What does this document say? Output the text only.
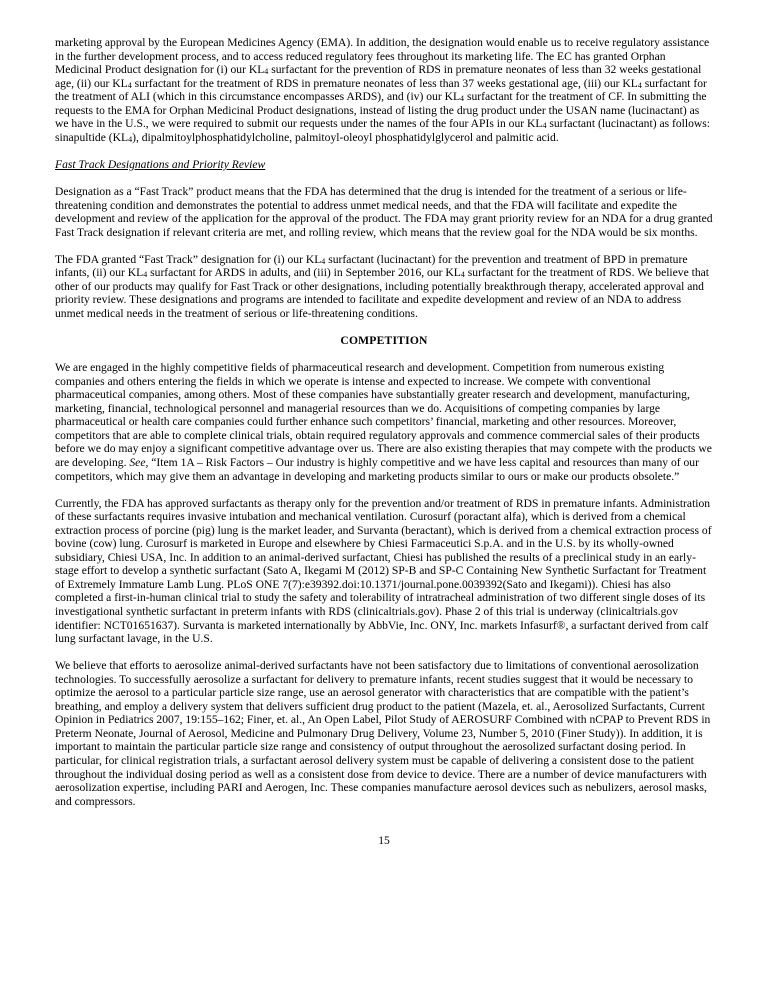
marketing approval by the European Medicines Agency (EMA). In addition, the designation would enable us to receive regulatory assistance in the further development process, and to access reduced regulatory fees throughout its marketing life. The EC has granted Orphan Medicinal Product designation for (i) our $KL_4$ surfactant for the prevention of RDS in premature neonates of less than 32 weeks gestational age, (ii) our $KL_4$ surfactant for the treatment of RDS in premature neonates of less than 37 weeks gestational age, (iii) our $KL_4$ surfactant for the treatment of ALI (which in this circumstance encompasses ARDS), and (iv) our $KL_4$ surfactant for the treatment of CF. In submitting the requests to the EMA for Orphan Medicinal Product designations, instead of listing the drug product under the USAN name (lucinactant) as we have in the U.S., we were required to submit our requests under the names of the four APIs in our $KL_4$ surfactant (lucinactant) as follows: sinapultide $(KL_4)$, dipalmitoylphosphatidylcholine, palmitoyl-oleoyl phosphatidylglycerol and palmitic acid.

Fast Track Designations and Priority Review

Designation as a “Fast Track” product means that the FDA has determined that the drug is intended for the treatment of a serious or life-threatening condition and demonstrates the potential to address unmet medical needs, and that the FDA will facilitate and expedite the development and review of the application for the approval of the product. The FDA may grant priority review for an NDA for a drug granted Fast Track designation if relevant criteria are met, and rolling review, which means that the review goal for the NDA would be six months.

The FDA granted “Fast Track” designation for (i) our $KL_4$ surfactant (lucinactant) for the prevention and treatment of BPD in premature infants, (ii) our $KL_4$ surfactant for ARDS in adults, and (iii) in September 2016, our $KL_4$ surfactant for the treatment of RDS. We believe that other of our products may qualify for Fast Track or other designations, including potentially breakthrough therapy, accelerated approval and priority review. These designations and programs are intended to facilitate and expedite development and review of an NDA to address unmet medical needs in the treatment of serious or life-threatening conditions.

COMPETITION

We are engaged in the highly competitive fields of pharmaceutical research and development. Competition from numerous existing companies and others entering the fields in which we operate is intense and expected to increase. We compete with conventional pharmaceutical companies, among others. Most of these companies have substantially greater research and development, manufacturing, marketing, financial, technological personnel and managerial resources than we do. Acquisitions of competing companies by large pharmaceutical or health care companies could further enhance such competitors’ financial, marketing and other resources. Moreover, competitors that are able to complete clinical trials, obtain required regulatory approvals and commence commercial sales of their products before we do may enjoy a significant competitive advantage over us. There are also existing therapies that may compete with the products we are developing. See, “Item 1A – Risk Factors – Our industry is highly competitive and we have less capital and resources than many of our competitors, which may give them an advantage in developing and marketing products similar to ours or make our products obsolete.”

Currently, the FDA has approved surfactants as therapy only for the prevention and/or treatment of RDS in premature infants. Administration of these surfactants requires invasive intubation and mechanical ventilation. Curosurf (poractant alfa), which is derived from a chemical extraction process of porcine (pig) lung is the market leader, and Survanta (beractant), which is derived from a chemical extraction process of bovine (cow) lung. Curosurf is marketed in Europe and elsewhere by Chiesi Farmaceutici S.p.A. and in the U.S. by its wholly-owned subsidiary, Chiesi USA, Inc. In addition to an animal-derived surfactant, Chiesi has published the results of a preclinical study in an early-stage effort to develop a synthetic surfactant (Sato A, Ikegami M (2012) SP-B and SP-C Containing New Synthetic Surfactant for Treatment of Extremely Immature Lamb Lung. PLoS ONE 7(7):e39392.doi:10.1371/journal.pone.0039392(Sato and Ikegami)). Chiesi has also completed a first-in-human clinical trial to study the safety and tolerability of intratracheal administration of two different single doses of its investigational synthetic surfactant in preterm infants with RDS (clinicaltrials.gov). Phase 2 of this trial is underway (clinicaltrials.gov identifier: NCT01651637). Survanta is marketed internationally by AbbVie, Inc. ONY, Inc. markets Infasurf®, a surfactant derived from calf lung surfactant lavage, in the U.S.

We believe that efforts to aerosolize animal-derived surfactants have not been satisfactory due to limitations of conventional aerosolization technologies. To successfully aerosolize a surfactant for delivery to premature infants, recent studies suggest that it would be necessary to optimize the aerosol to a particular particle size range, use an aerosol generator with characteristics that are compatible with the patient’s breathing, and employ a delivery system that delivers sufficient drug product to the patient (Mazela, et. al., Aerosolized Surfactants, Current Opinion in Pediatrics 2007, 19:155–162; Finer, et. al., An Open Label, Pilot Study of AEROSURF Combined with nCPAP to Prevent RDS in Preterm Neonate, Journal of Aerosol, Medicine and Pulmonary Drug Delivery, Volume 23, Number 5, 2010 (Finer Study)). In addition, it is important to maintain the particular particle size range and consistency of output throughout the aerosolized surfactant dosing period. In particular, for clinical registration trials, a surfactant aerosol delivery system must be capable of delivering a consistent dose to the patient throughout the individual dosing period as well as a consistent dose from device to device. There are a number of device manufacturers with aerosolization expertise, including PARI and Aerogen, Inc. These companies manufacture aerosol devices such as nebulizers, aerosol masks, and compressors.

15
